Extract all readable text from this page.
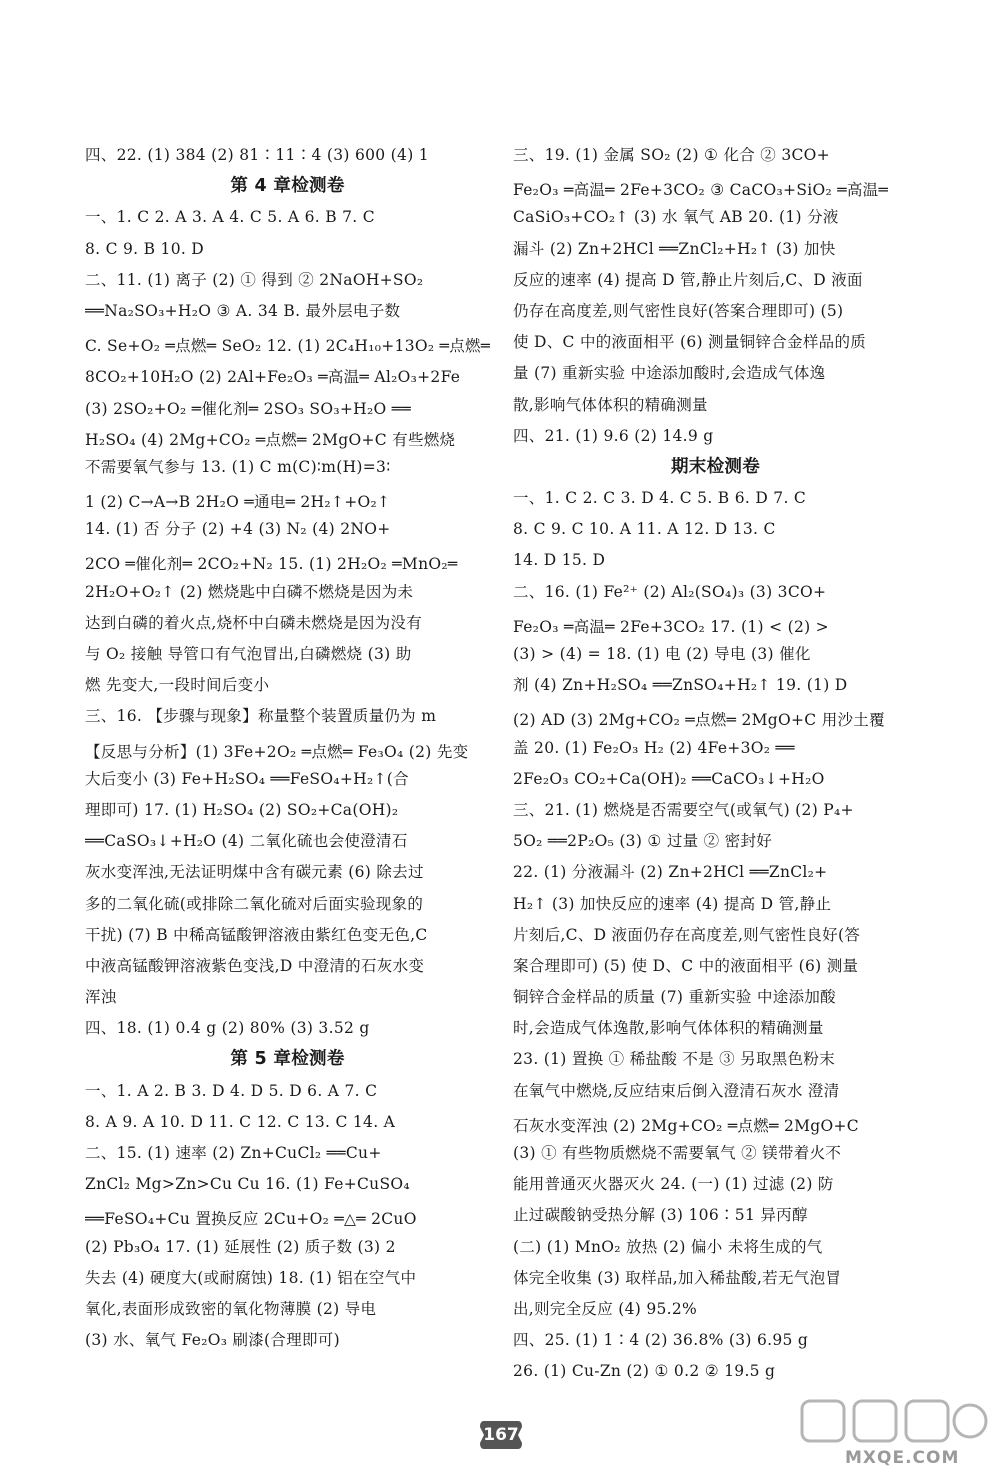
四、22. (1) 384 (2) 81∶11∶4 (3) 600 (4) 1
第 4 章检测卷
一、1. C 2. A 3. A 4. C 5. A 6. B 7. C
8. C 9. B 10. D
二、11. (1) 离子 (2) ① 得到 ② 2NaOH+SO₂
══Na₂SO₃+H₂O ③ A. 34 B. 最外层电子数
C. Se+O₂ ═点燃═ SeO₂ 12. (1) 2C₄H₁₀+13O₂ ═点燃═
8CO₂+10H₂O (2) 2Al+Fe₂O₃ ═高温═ Al₂O₃+2Fe
(3) 2SO₂+O₂ ═催化剂═ 2SO₃ SO₃+H₂O ══
H₂SO₄ (4) 2Mg+CO₂ ═点燃═ 2MgO+C 有些燃烧
不需要氧气参与 13. (1) C m(C)∶m(H)=3∶
1 (2) C→A→B 2H₂O ═通电═ 2H₂↑+O₂↑
14. (1) 否 分子 (2) +4 (3) N₂ (4) 2NO+
2CO ═催化剂═ 2CO₂+N₂ 15. (1) 2H₂O₂ ═MnO₂═
2H₂O+O₂↑ (2) 燃烧匙中白磷不燃烧是因为未
达到白磷的着火点,烧杯中白磷未燃烧是因为没有
与 O₂ 接触 导管口有气泡冒出,白磷燃烧 (3) 助
燃 先变大,一段时间后变小
三、16. 【步骤与现象】称量整个装置质量仍为 m
【反思与分析】(1) 3Fe+2O₂ ═点燃═ Fe₃O₄ (2) 先变
大后变小 (3) Fe+H₂SO₄ ══FeSO₄+H₂↑(合
理即可) 17. (1) H₂SO₄ (2) SO₂+Ca(OH)₂
══CaSO₃↓+H₂O (4) 二氧化硫也会使澄清石
灰水变浑浊,无法证明煤中含有碳元素 (6) 除去过
多的二氧化硫(或排除二氧化硫对后面实验现象的
干扰) (7) B 中稀高锰酸钾溶液由紫红色变无色,C
中液高锰酸钾溶液紫色变浅,D 中澄清的石灰水变
浑浊
四、18. (1) 0.4 g (2) 80% (3) 3.52 g
第 5 章检测卷
一、1. A 2. B 3. D 4. D 5. D 6. A 7. C
8. A 9. A 10. D 11. C 12. C 13. C 14. A
二、15. (1) 速率 (2) Zn+CuCl₂ ══Cu+
ZnCl₂ Mg>Zn>Cu Cu 16. (1) Fe+CuSO₄
══FeSO₄+Cu 置换反应 2Cu+O₂ ═△═ 2CuO
(2) Pb₃O₄ 17. (1) 延展性 (2) 质子数 (3) 2
失去 (4) 硬度大(或耐腐蚀) 18. (1) 铝在空气中
氧化,表面形成致密的氧化物薄膜 (2) 导电
(3) 水、氧气 Fe₂O₃ 刷漆(合理即可)
三、19. (1) 金属 SO₂ (2) ① 化合 ② 3CO+
Fe₂O₃ ═高温═ 2Fe+3CO₂ ③ CaCO₃+SiO₂ ═高温═
CaSiO₃+CO₂↑ (3) 水 氧气 AB 20. (1) 分液
漏斗 (2) Zn+2HCl ══ZnCl₂+H₂↑ (3) 加快
反应的速率 (4) 提高 D 管,静止片刻后,C、D 液面
仍存在高度差,则气密性良好(答案合理即可) (5)
使 D、C 中的液面相平 (6) 测量铜锌合金样品的质
量 (7) 重新实验 中途添加酸时,会造成气体逸
散,影响气体体积的精确测量
四、21. (1) 9.6 (2) 14.9 g
期末检测卷
一、1. C 2. C 3. D 4. C 5. B 6. D 7. C
8. C 9. C 10. A 11. A 12. D 13. C
14. D 15. D
二、16. (1) Fe²⁺ (2) Al₂(SO₄)₃ (3) 3CO+
Fe₂O₃ ═高温═ 2Fe+3CO₂ 17. (1) < (2) >
(3) > (4) = 18. (1) 电 (2) 导电 (3) 催化
剂 (4) Zn+H₂SO₄ ══ZnSO₄+H₂↑ 19. (1) D
(2) AD (3) 2Mg+CO₂ ═点燃═ 2MgO+C 用沙土覆
盖 20. (1) Fe₂O₃ H₂ (2) 4Fe+3O₂ ══
2Fe₂O₃ CO₂+Ca(OH)₂ ══CaCO₃↓+H₂O
三、21. (1) 燃烧是否需要空气(或氧气) (2) P₄+
5O₂ ══2P₂O₅ (3) ① 过量 ② 密封好
22. (1) 分液漏斗 (2) Zn+2HCl ══ZnCl₂+
H₂↑ (3) 加快反应的速率 (4) 提高 D 管,静止
片刻后,C、D 液面仍存在高度差,则气密性良好(答
案合理即可) (5) 使 D、C 中的液面相平 (6) 测量
铜锌合金样品的质量 (7) 重新实验 中途添加酸
时,会造成气体逸散,影响气体体积的精确测量
23. (1) 置换 ① 稀盐酸 不是 ③ 另取黑色粉末
在氧气中燃烧,反应结束后倒入澄清石灰水 澄清
石灰水变浑浊 (2) 2Mg+CO₂ ═点燃═ 2MgO+C
(3) ① 有些物质燃烧不需要氧气 ② 镁带着火不
能用普通灭火器灭火 24. (一) (1) 过滤 (2) 防
止过碳酸钠受热分解 (3) 106∶51 异丙醇
(二) (1) MnO₂ 放热 (2) 偏小 未将生成的气
体完全收集 (3) 取样品,加入稀盐酸,若无气泡冒
出,则完全反应 (4) 95.2%
四、25. (1) 1∶4 (2) 36.8% (3) 6.95 g
26. (1) Cu-Zn (2) ① 0.2 ② 19.5 g
167
MXQE.COM
